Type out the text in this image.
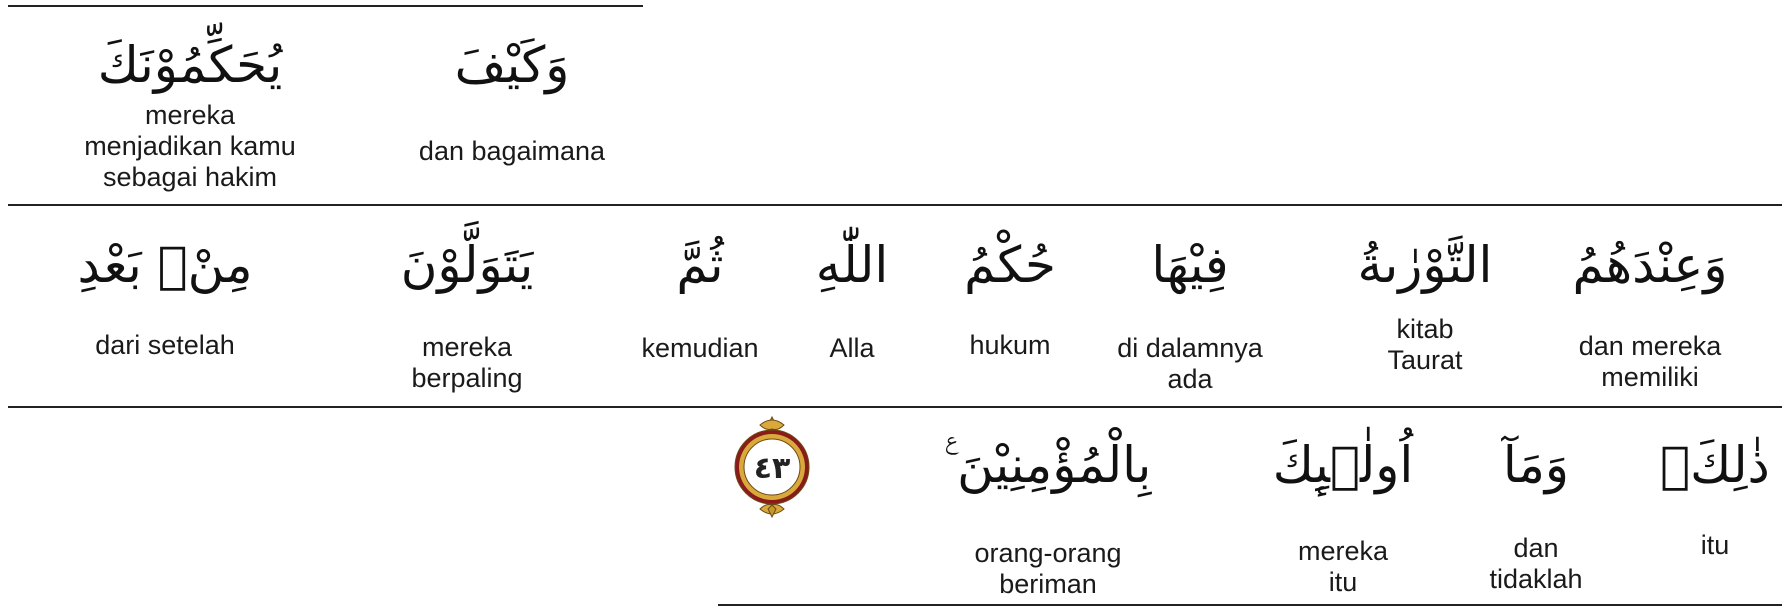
وَكَيْفَ
dan bagaimana
يُحَكِّمُوْنَكَ
mereka
menjadikan kamu
sebagai hakim
وَعِنْدَهُمُ
dan mereka
memiliki
التَّوْرٰىةُ
kitab
Taurat
فِيْهَا
di dalamnya
ada
حُكْمُ
hukum
اللّٰهِ
Alla
ثُمَّ
kemudian
يَتَوَلَّوْنَ
mereka
berpaling
مِنْۢ بَعْدِ
dari setelah
ذٰلِكَۗ
itu
وَمَآ
dan
tidaklah
اُولٰۤىِٕكَ
mereka
itu
بِالْمُؤْمِنِيْنَ ࣖ
orang-orang
beriman
٤٣
